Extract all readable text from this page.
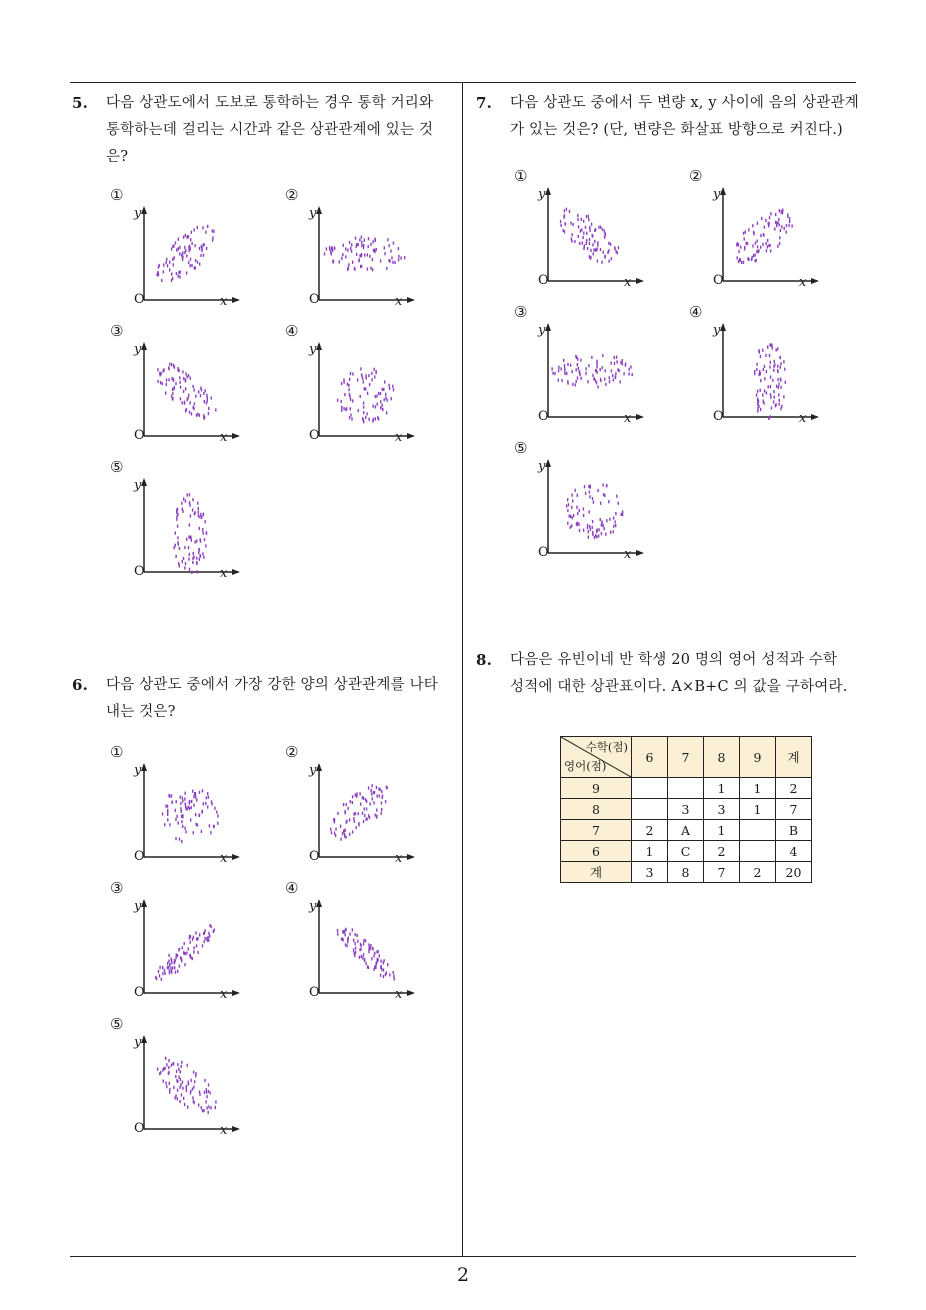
2
5. 다음 상관도에서 도보로 통학하는 경우 통학 거리와
통학하는데 걸리는 시간과 같은 상관관계에 있는 것
은?
6. 다음 상관도 중에서 가장 강한 양의 상관관계를 나타
내는 것은?
7. 다음 상관도 중에서 두 변량 x, y 사이에 음의 상관관계
가 있는 것은? (단, 변량은 화살표 방향으로 커진다.)
8. 다음은 유빈이네 반 학생 20 명의 영어 성적과 수학
성적에 대한 상관표이다. A×B+C 의 값을 구하여라.
①
y
O	x
②
y
O	x
③
y
O	x
④
y
O	x
⑤
y
O	x
①
y
O	x
②
y
O	x
③
y
O	x
④
y
O	x
⑤
y
O	x
①
y
O	x
②
y
O	x
③
y
O	x
④
y
O	x
⑤
y
O	x
수학(점)
영어(점)	6	7	8	9	계
9			1	1	2
8		3	3	1	7
7	2	A	1		B
6	1	C	2		4
계	3	8	7	2	20
